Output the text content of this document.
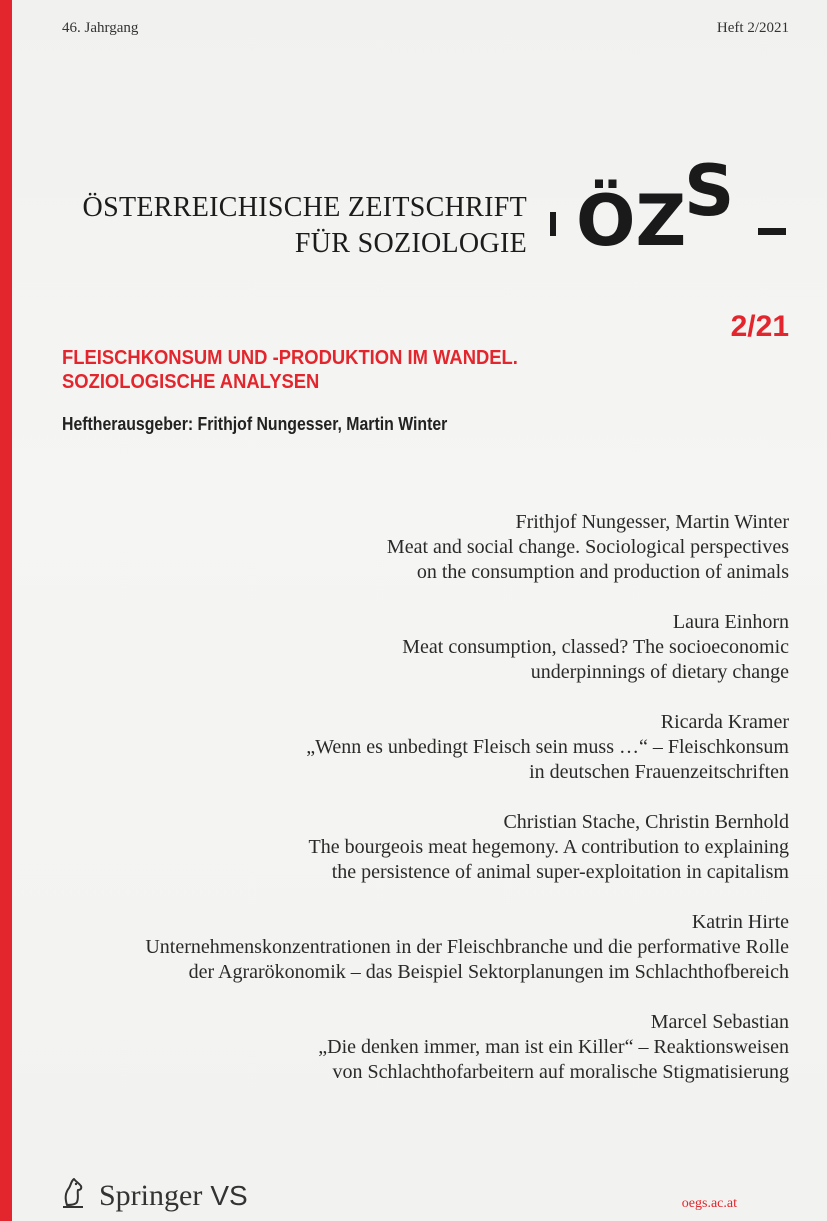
46. Jahrgang	Heft 2/2021
ÖSTERREICHISCHE ZEITSCHRIFT
FÜR SOZIOLOGIE ÖZ
S
2/21
FLEISCHKONSUM UND -PRODUKTION IM WANDEL.
SOZIOLOGISCHE ANALYSEN
Heftherausgeber: Frithjof Nungesser, Martin Winter
Frithjof Nungesser, Martin Winter
Meat and social change. Sociological perspectives
on the consumption and production of animals
Laura Einhorn
Meat consumption, classed? The socioeconomic
underpinnings of dietary change
Ricarda Kramer
„Wenn es unbedingt Fleisch sein muss …“ – Fleischkonsum
in deutschen Frauenzeitschriften
Christian Stache, Christin Bernhold
The bourgeois meat hegemony. A contribution to explaining
the persistence of animal super-exploitation in capitalism
Katrin Hirte
Unternehmenskonzentrationen in der Fleischbranche und die performative Rolle
der Agrarökonomik – das Beispiel Sektorplanungen im Schlachthofbereich
Marcel Sebastian
„Die denken immer, man ist ein Killer“ – Reaktionsweisen
von Schlachthofarbeitern auf moralische Stigmatisierung
Springer VS	oegs.ac.at
